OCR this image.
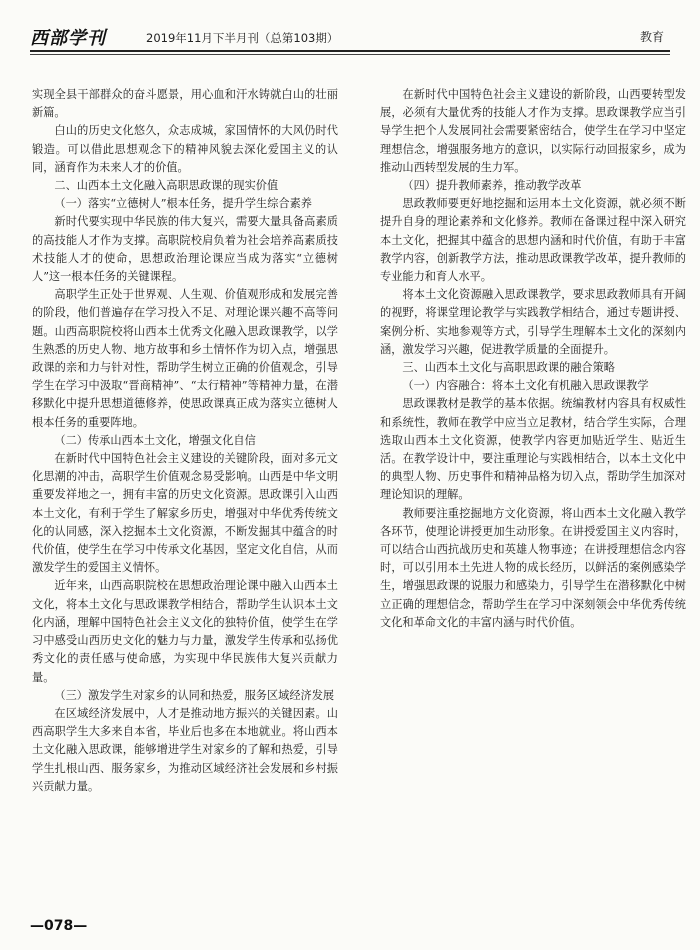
西部学刊	2019年11月下半月刊（总第103期）	教育

实现全县干部群众的奋斗愿景，用心血和汗水铸就白山的壮丽新篇。

白山的历史文化悠久，众志成城，家国情怀的大风仍时代锻造。可以借此思想观念下的精神风貌去深化爱国主义的认同，涵育作为未来人才的价值。

二、山西本土文化融入高职思政课的现实价值

（一）落实“立德树人”根本任务，提升学生综合素养

新时代要实现中华民族的伟大复兴，需要大量具备高素质的高技能人才作为支撑。高职院校肩负着为社会培养高素质技术技能人才的使命，思想政治理论课应当成为落实“立德树人”这一根本任务的关键课程。

高职学生正处于世界观、人生观、价值观形成和发展完善的阶段，他们普遍存在学习投入不足、对理论课兴趣不高等问题。山西高职院校将山西本土优秀文化融入思政课教学，以学生熟悉的历史人物、地方故事和乡土情怀作为切入点，增强思政课的亲和力与针对性，帮助学生树立正确的价值观念，引导学生在学习中汲取“晋商精神”、“太行精神”等精神力量，在潜移默化中提升思想道德修养，使思政课真正成为落实立德树人根本任务的重要阵地。

（二）传承山西本土文化，增强文化自信

在新时代中国特色社会主义建设的关键阶段，面对多元文化思潮的冲击，高职学生价值观念易受影响。山西是中华文明重要发祥地之一，拥有丰富的历史文化资源。思政课引入山西本土文化，有利于学生了解家乡历史，增强对中华优秀传统文化的认同感，深入挖掘本土文化资源，不断发掘其中蕴含的时代价值，使学生在学习中传承文化基因，坚定文化自信，从而激发学生的爱国主义情怀。

近年来，山西高职院校在思想政治理论课中融入山西本土文化，将本土文化与思政课教学相结合，帮助学生认识本土文化内涵，理解中国特色社会主义文化的独特价值，使学生在学习中感受山西历史文化的魅力与力量，激发学生传承和弘扬优秀文化的责任感与使命感，为实现中华民族伟大复兴贡献力量。

（三）激发学生对家乡的认同和热爱，服务区域经济发展

在区域经济发展中，人才是推动地方振兴的关键因素。山西高职学生大多来自本省，毕业后也多在本地就业。将山西本土文化融入思政课，能够增进学生对家乡的了解和热爱，引导学生扎根山西、服务家乡，为推动区域经济社会发展和乡村振兴贡献力量。

在新时代中国特色社会主义建设的新阶段，山西要转型发展，必须有大量优秀的技能人才作为支撑。思政课教学应当引导学生把个人发展同社会需要紧密结合，使学生在学习中坚定理想信念，增强服务地方的意识，以实际行动回报家乡，成为推动山西转型发展的生力军。

（四）提升教师素养，推动教学改革

思政教师要更好地挖掘和运用本土文化资源，就必须不断提升自身的理论素养和文化修养。教师在备课过程中深入研究本土文化，把握其中蕴含的思想内涵和时代价值，有助于丰富教学内容，创新教学方法，推动思政课教学改革，提升教师的专业能力和育人水平。

将本土文化资源融入思政课教学，要求思政教师具有开阔的视野，将课堂理论教学与实践教学相结合，通过专题讲授、案例分析、实地参观等方式，引导学生理解本土文化的深刻内涵，激发学习兴趣，促进教学质量的全面提升。

三、山西本土文化与高职思政课的融合策略

（一）内容融合：将本土文化有机融入思政课教学

思政课教材是教学的基本依据。统编教材内容具有权威性和系统性，教师在教学中应当立足教材，结合学生实际，合理选取山西本土文化资源，使教学内容更加贴近学生、贴近生活。在教学设计中，要注重理论与实践相结合，以本土文化中的典型人物、历史事件和精神品格为切入点，帮助学生加深对理论知识的理解。

教师要注重挖掘地方文化资源，将山西本土文化融入教学各环节，使理论讲授更加生动形象。在讲授爱国主义内容时，可以结合山西抗战历史和英雄人物事迹；在讲授理想信念内容时，可以引用本土先进人物的成长经历，以鲜活的案例感染学生，增强思政课的说服力和感染力，引导学生在潜移默化中树立正确的理想信念，帮助学生在学习中深刻领会中华优秀传统文化和革命文化的丰富内涵与时代价值。

—078—
